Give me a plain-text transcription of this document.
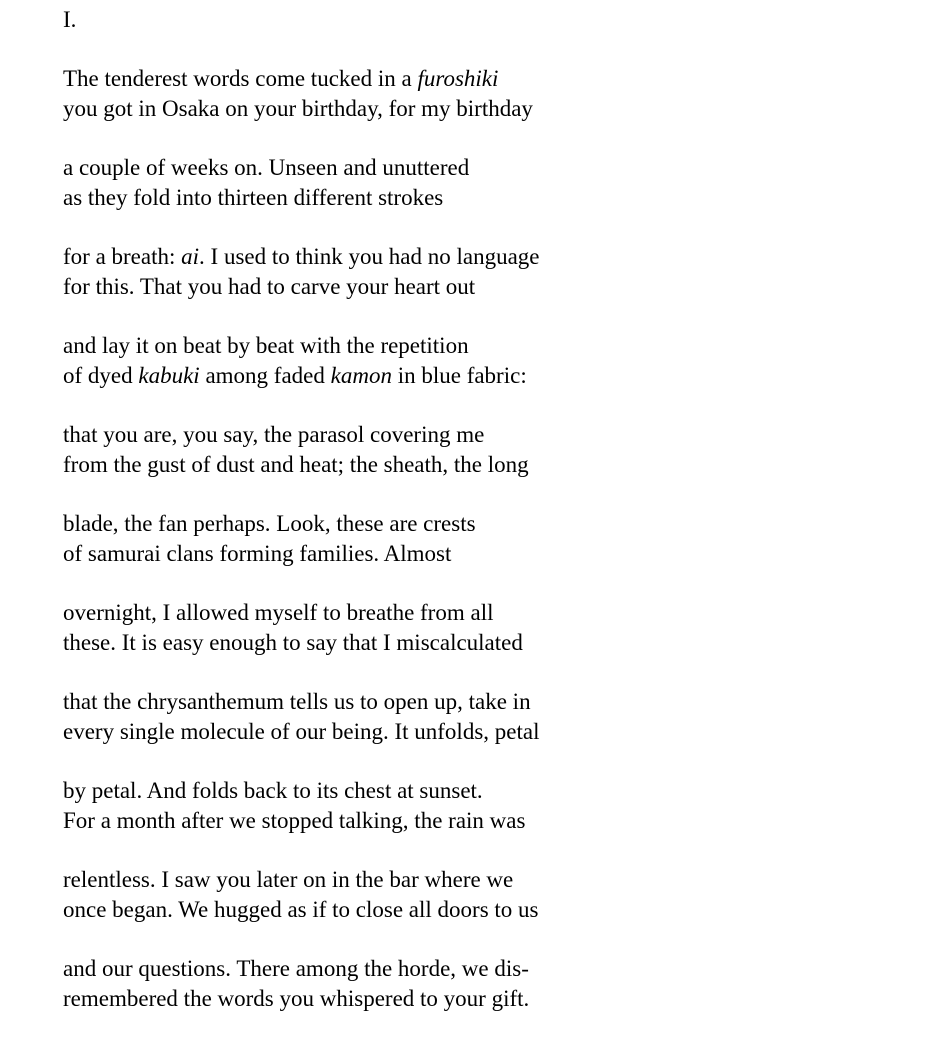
I.
The tenderest words come tucked in a furoshiki
you got in Osaka on your birthday, for my birthday
a couple of weeks on. Unseen and unuttered
as they fold into thirteen different strokes
for a breath: ai. I used to think you had no language
for this. That you had to carve your heart out
and lay it on beat by beat with the repetition
of dyed kabuki among faded kamon in blue fabric:
that you are, you say, the parasol covering me
from the gust of dust and heat; the sheath, the long
blade, the fan perhaps. Look, these are crests
of samurai clans forming families. Almost
overnight, I allowed myself to breathe from all
these. It is easy enough to say that I miscalculated
that the chrysanthemum tells us to open up, take in
every single molecule of our being. It unfolds, petal
by petal. And folds back to its chest at sunset.
For a month after we stopped talking, the rain was
relentless. I saw you later on in the bar where we
once began. We hugged as if to close all doors to us
and our questions. There among the horde, we dis-
remembered the words you whispered to your gift.
